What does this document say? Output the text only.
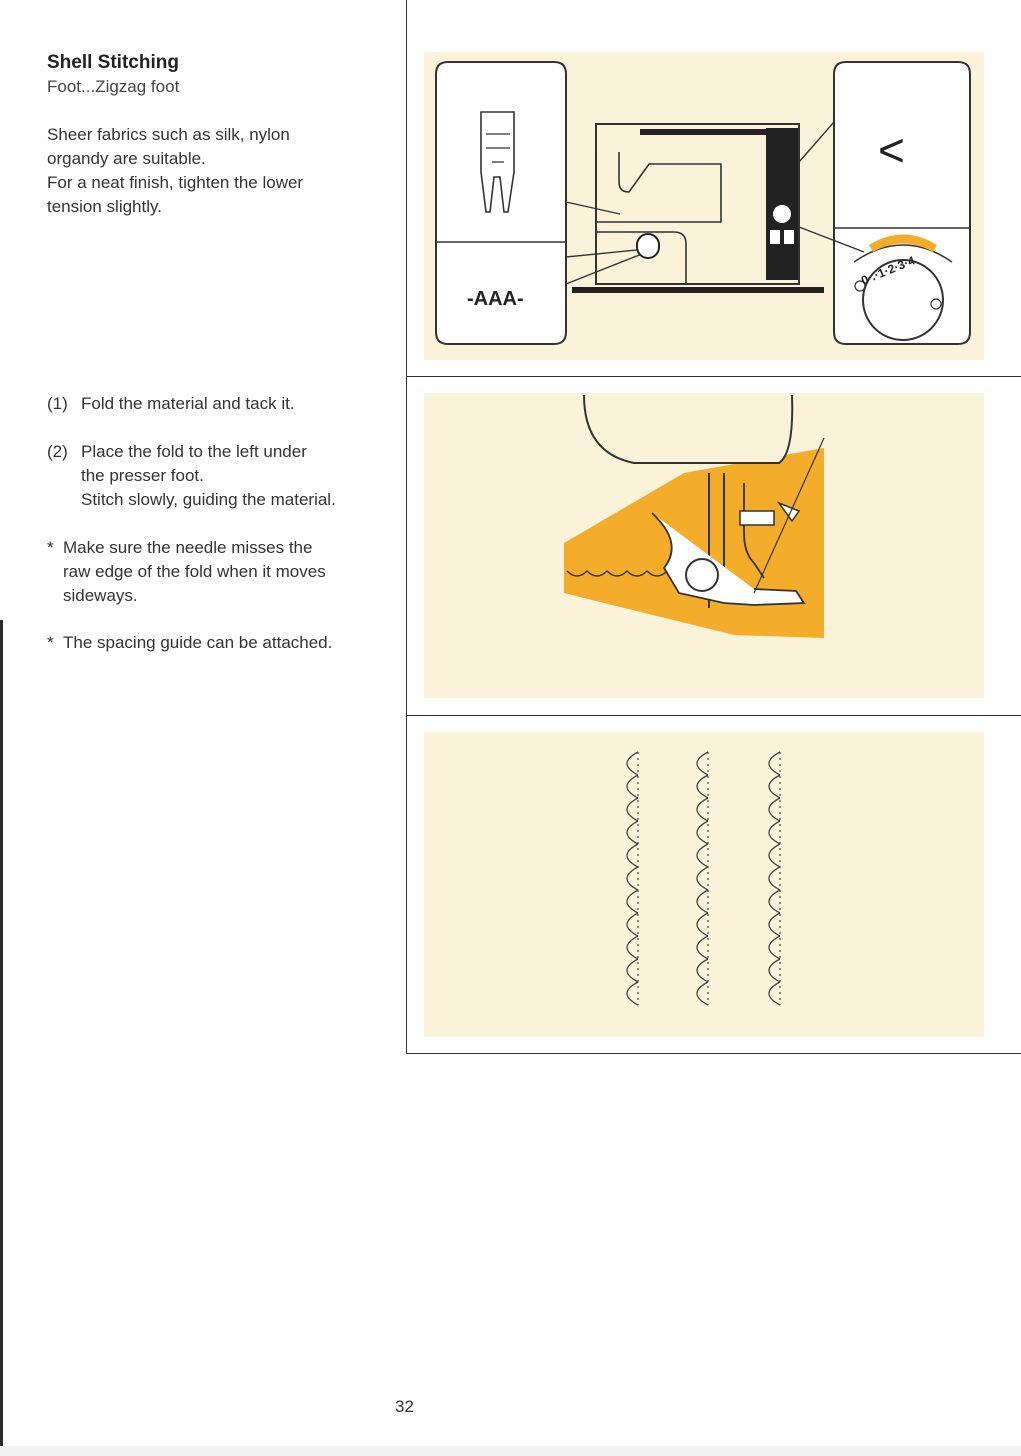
Shell Stitching
Foot...Zigzag foot
Sheer fabrics such as silk, nylon
organdy are suitable.
For a neat finish, tighten the lower
tension slightly.
(1) Fold the material and tack it.
(2) Place the fold to the left under
the presser foot.
Stitch slowly, guiding the material.
* Make sure the needle misses the
raw edge of the fold when it moves
sideways.
* The spacing guide can be attached.
-AAA-
<
0·.·1·2·3·4
32
